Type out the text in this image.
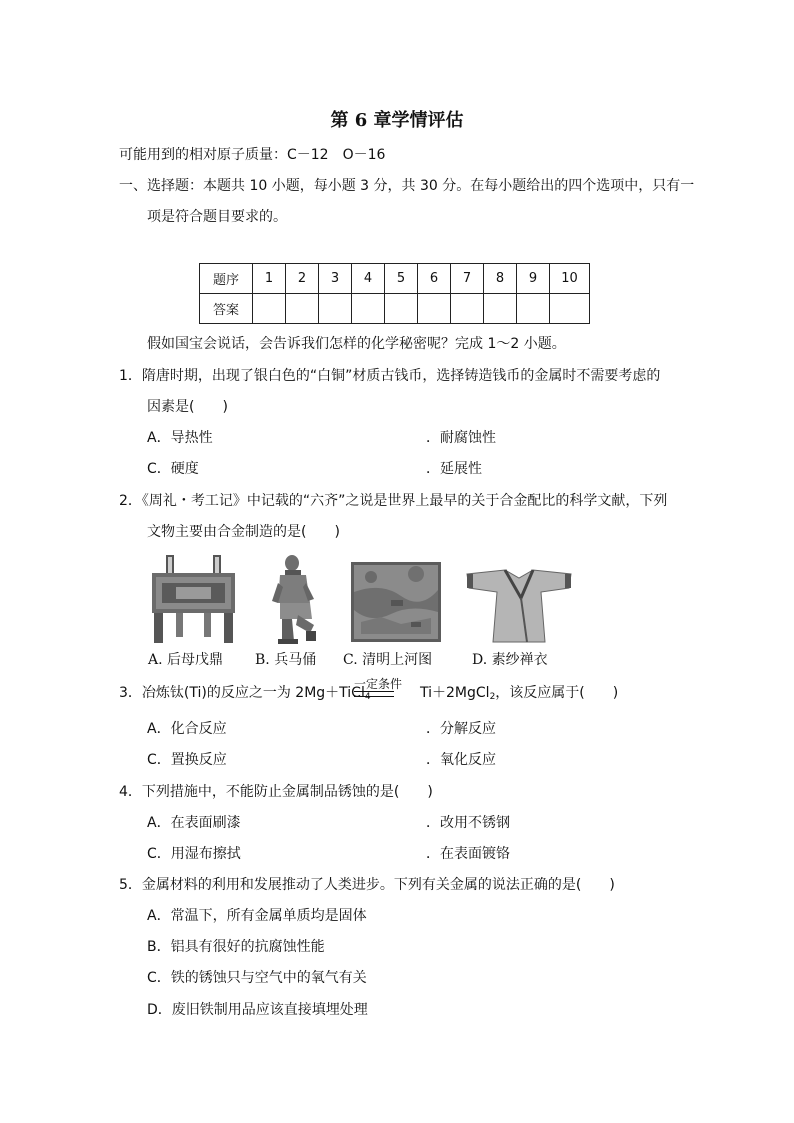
第 6 章学情评估
可能用到的相对原子质量：C－12　O－16
一、选择题：本题共 10 小题，每小题 3 分，共 30 分。在每小题给出的四个选项中，只有一
项是符合题目要求的。
题序	1	2	3	4	5	6	7	8	9	10
答案										
假如国宝会说话，会告诉我们怎样的化学秘密呢？完成 1～2 小题。
1．隋唐时期，出现了银白色的“白铜”材质古钱币，选择铸造钱币的金属时不需要考虑的
因素是(　　)
A．导热性	．耐腐蚀性
C．硬度	．延展性
2．《周礼・考工记》中记载的“六齐”之说是世界上最早的关于合金配比的科学文献，下列
文物主要由合金制造的是(　　)
A. 后母戊鼎 B. 兵马俑 C. 清明上河图	D. 素纱禅衣
3．冶炼钛(Ti)的反应之一为 2Mg＋TiCl$_4$
一定条件
Ti＋2MgCl$_2$，该反应属于(　　)
A．化合反应	．分解反应
C．置换反应	．氧化反应
4．下列措施中，不能防止金属制品锈蚀的是(　　)
A．在表面刷漆	．改用不锈钢
C．用湿布擦拭	．在表面镀铬
5．金属材料的利用和发展推动了人类进步。下列有关金属的说法正确的是(　　)
A．常温下，所有金属单质均是固体
B．铝具有很好的抗腐蚀性能
C．铁的锈蚀只与空气中的氧气有关
D．废旧铁制用品应该直接填埋处理
